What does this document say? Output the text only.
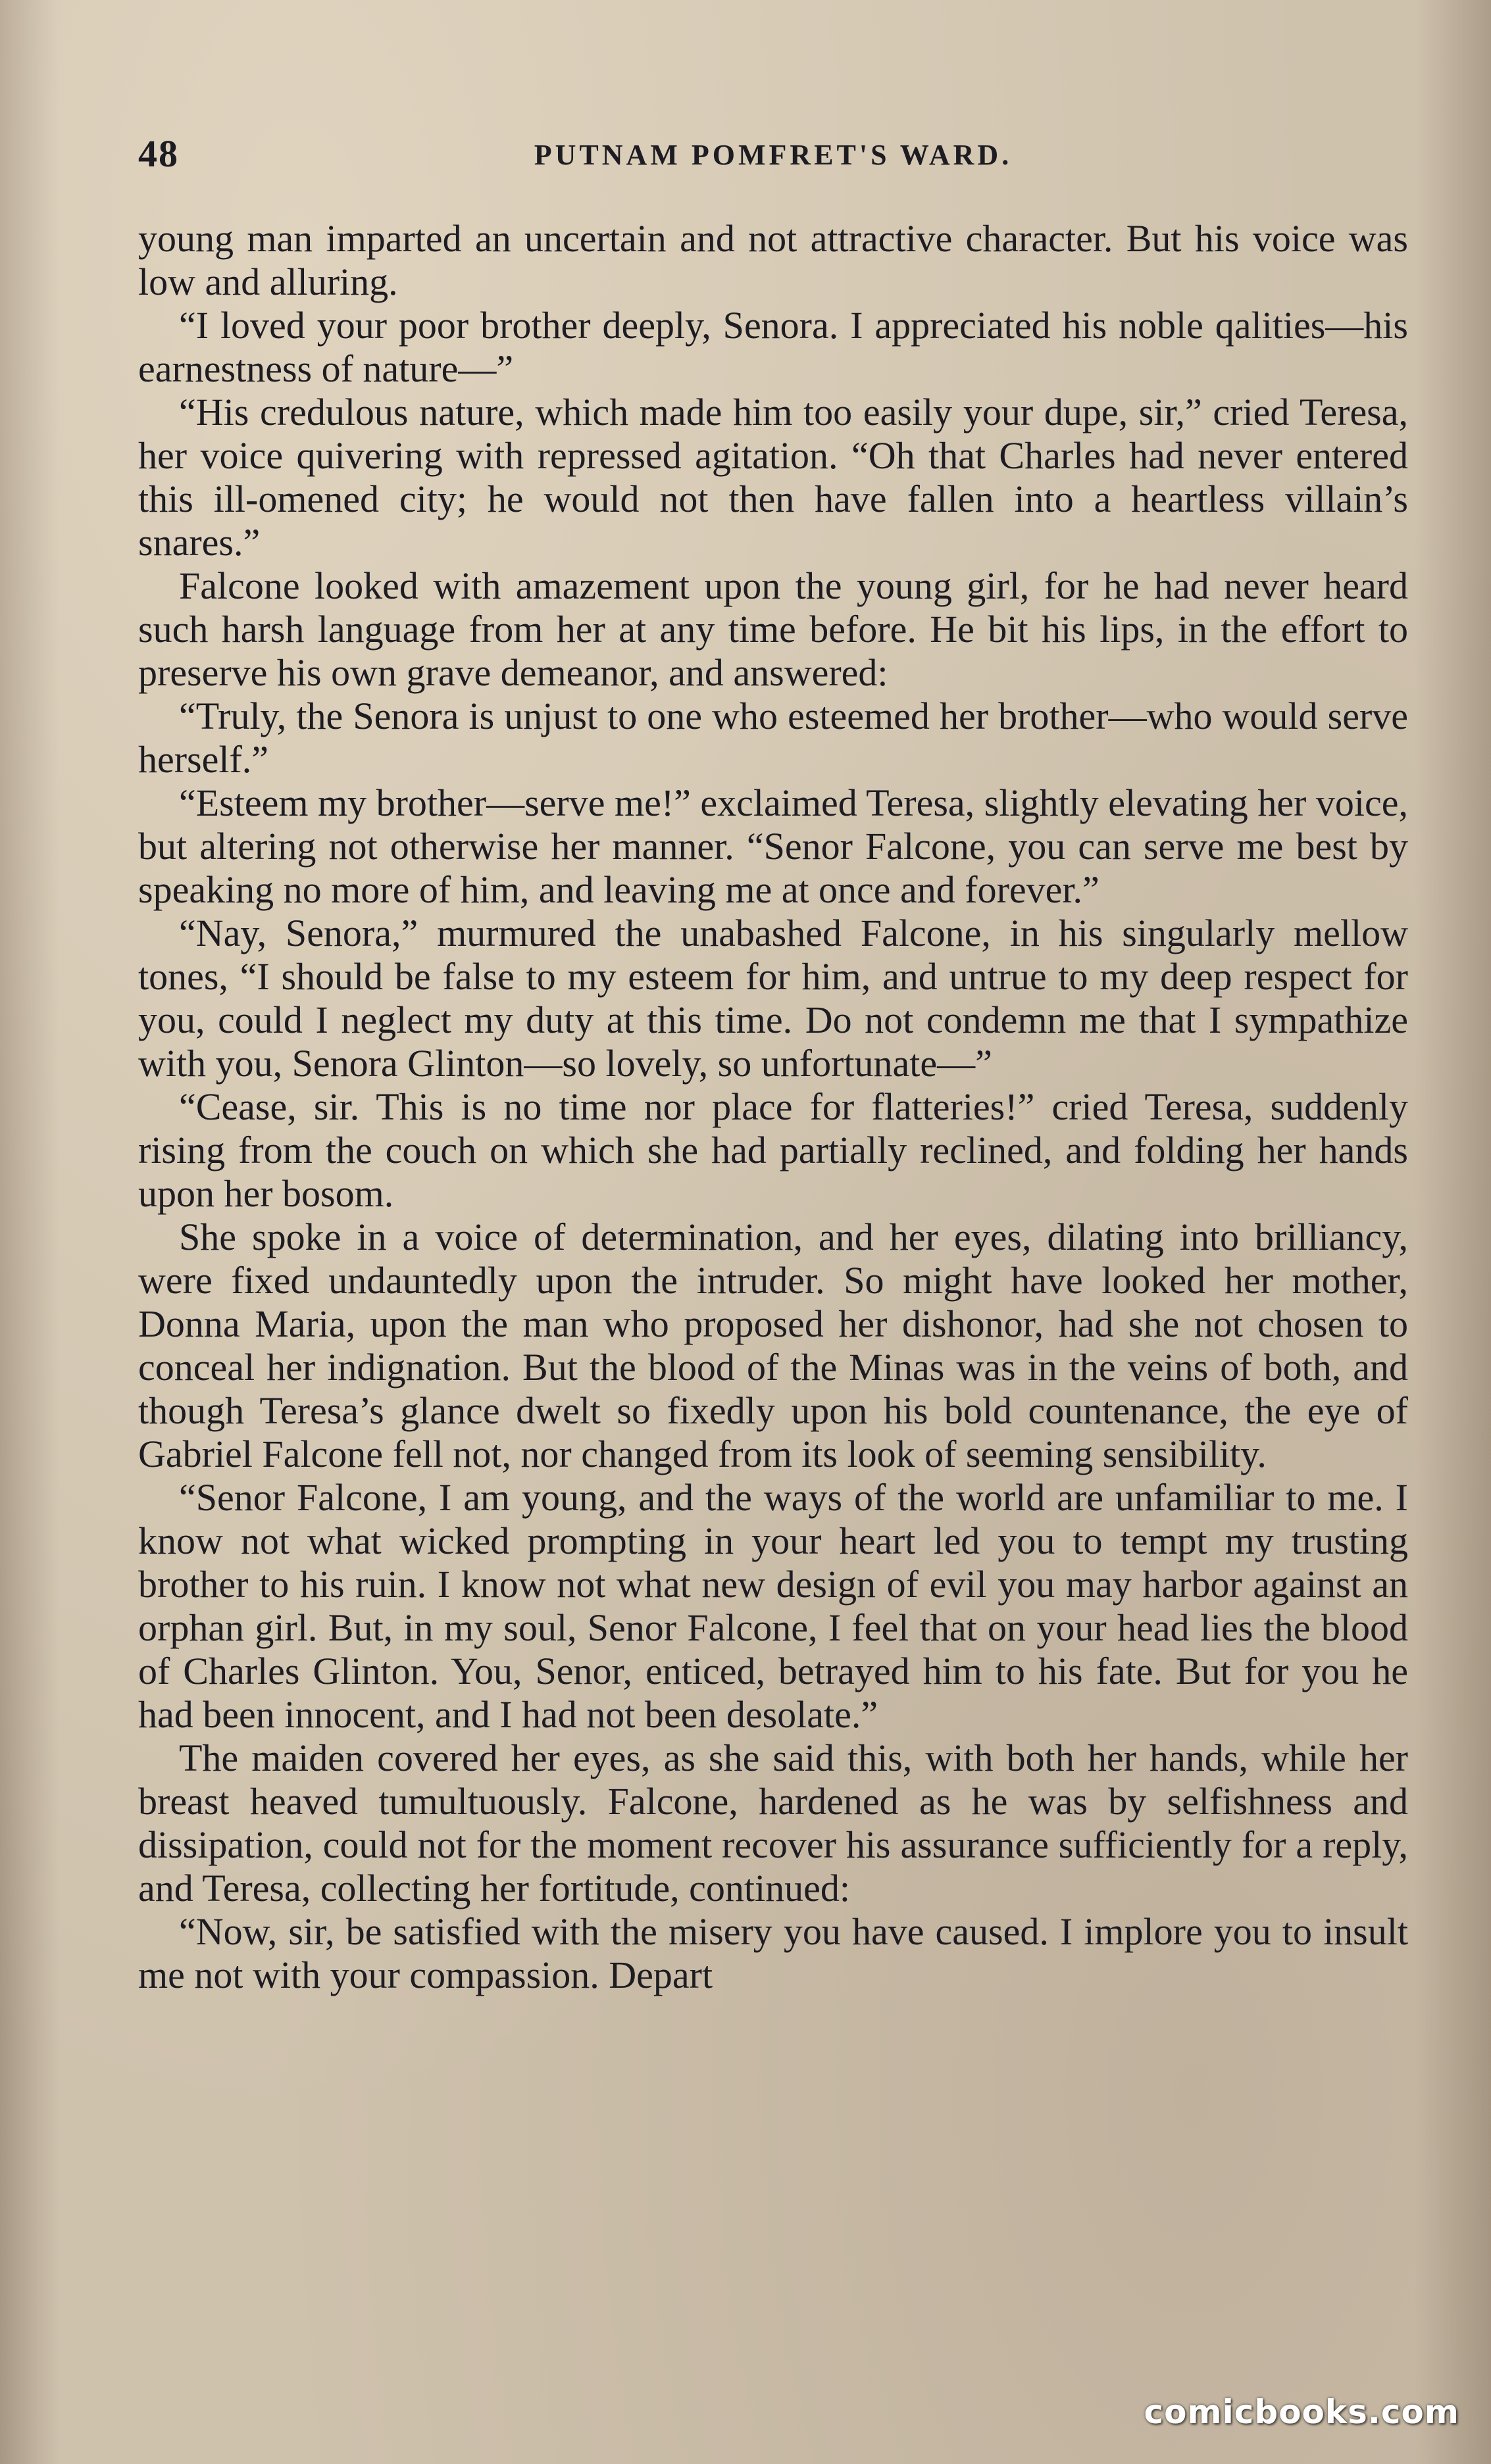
48	PUTNAM POMFRET'S WARD.

young man imparted an uncertain and not attractive character. But his voice was low and alluring.

“I loved your poor brother deeply, Senora. I appreciated his noble qalities—his earnestness of nature—”

“His credulous nature, which made him too easily your dupe, sir,” cried Teresa, her voice quivering with repressed agitation. “Oh that Charles had never entered this ill-omened city; he would not then have fallen into a heartless villain’s snares.”

Falcone looked with amazement upon the young girl, for he had never heard such harsh language from her at any time before. He bit his lips, in the effort to preserve his own grave demeanor, and answered:

“Truly, the Senora is unjust to one who esteemed her brother—who would serve herself.”

“Esteem my brother—serve me!” exclaimed Teresa, slightly elevating her voice, but altering not otherwise her manner. “Senor Falcone, you can serve me best by speaking no more of him, and leaving me at once and forever.”

“Nay, Senora,” murmured the unabashed Falcone, in his singularly mellow tones, “I should be false to my esteem for him, and untrue to my deep respect for you, could I neglect my duty at this time. Do not condemn me that I sympathize with you, Senora Glinton—so lovely, so unfortunate—”

“Cease, sir. This is no time nor place for flatteries!” cried Teresa, suddenly rising from the couch on which she had partially reclined, and folding her hands upon her bosom.

She spoke in a voice of determination, and her eyes, dilating into brilliancy, were fixed undauntedly upon the intruder. So might have looked her mother, Donna Maria, upon the man who proposed her dishonor, had she not chosen to conceal her indignation. But the blood of the Minas was in the veins of both, and though Teresa’s glance dwelt so fixedly upon his bold countenance, the eye of Gabriel Falcone fell not, nor changed from its look of seeming sensibility.

“Senor Falcone, I am young, and the ways of the world are unfamiliar to me. I know not what wicked prompting in your heart led you to tempt my trusting brother to his ruin. I know not what new design of evil you may harbor against an orphan girl. But, in my soul, Senor Falcone, I feel that on your head lies the blood of Charles Glinton. You, Senor, enticed, betrayed him to his fate. But for you he had been innocent, and I had not been desolate.”

The maiden covered her eyes, as she said this, with both her hands, while her breast heaved tumultuously. Falcone, hardened as he was by selfishness and dissipation, could not for the moment recover his assurance sufficiently for a reply, and Teresa, collecting her fortitude, continued:

“Now, sir, be satisfied with the misery you have caused. I implore you to insult me not with your compassion. Depart

comicbooks.com
